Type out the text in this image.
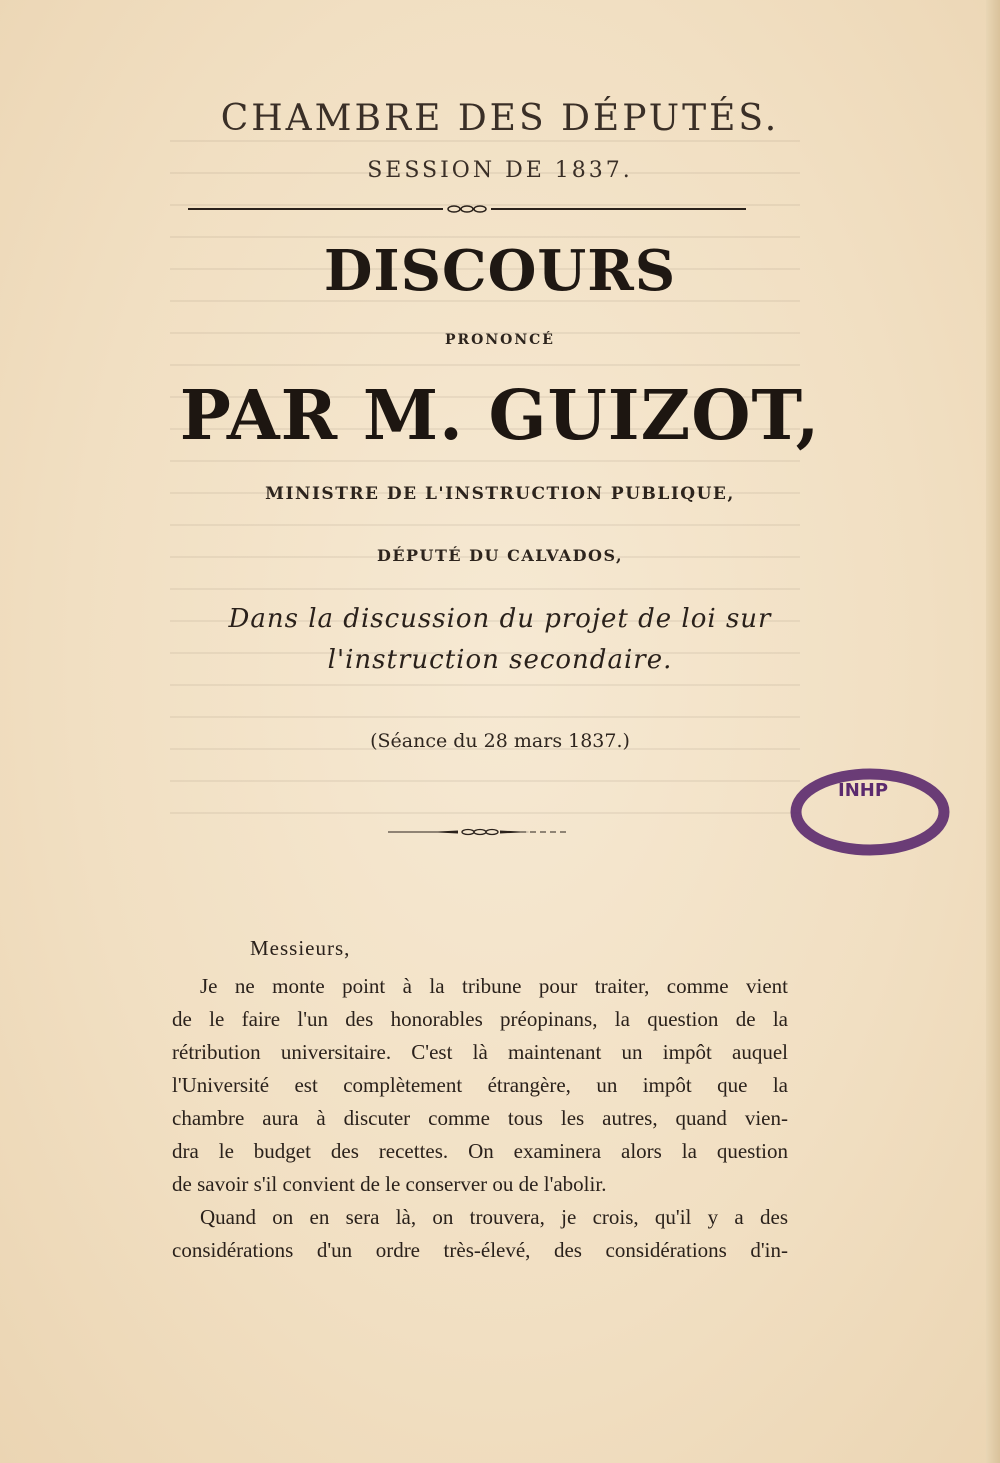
CHAMBRE DES DÉPUTÉS.
SESSION DE 1837.
DISCOURS
PRONONCÉ
PAR M. GUIZOT,
MINISTRE DE L'INSTRUCTION PUBLIQUE,
DÉPUTÉ DU CALVADOS,
Dans la discussion du projet de loi sur
l'instruction secondaire.
(Séance du 28 mars 1837.)
INHP
Messieurs,
Je ne monte point à la tribune pour traiter, comme vient
de le faire l'un des honorables préopinans, la question de la
rétribution universitaire. C'est là maintenant un impôt auquel
l'Université est complètement étrangère, un impôt que la
chambre aura à discuter comme tous les autres, quand vien-
dra le budget des recettes. On examinera alors la question
de savoir s'il convient de le conserver ou de l'abolir.
Quand on en sera là, on trouvera, je crois, qu'il y a des
considérations d'un ordre très-élevé, des considérations d'in-
